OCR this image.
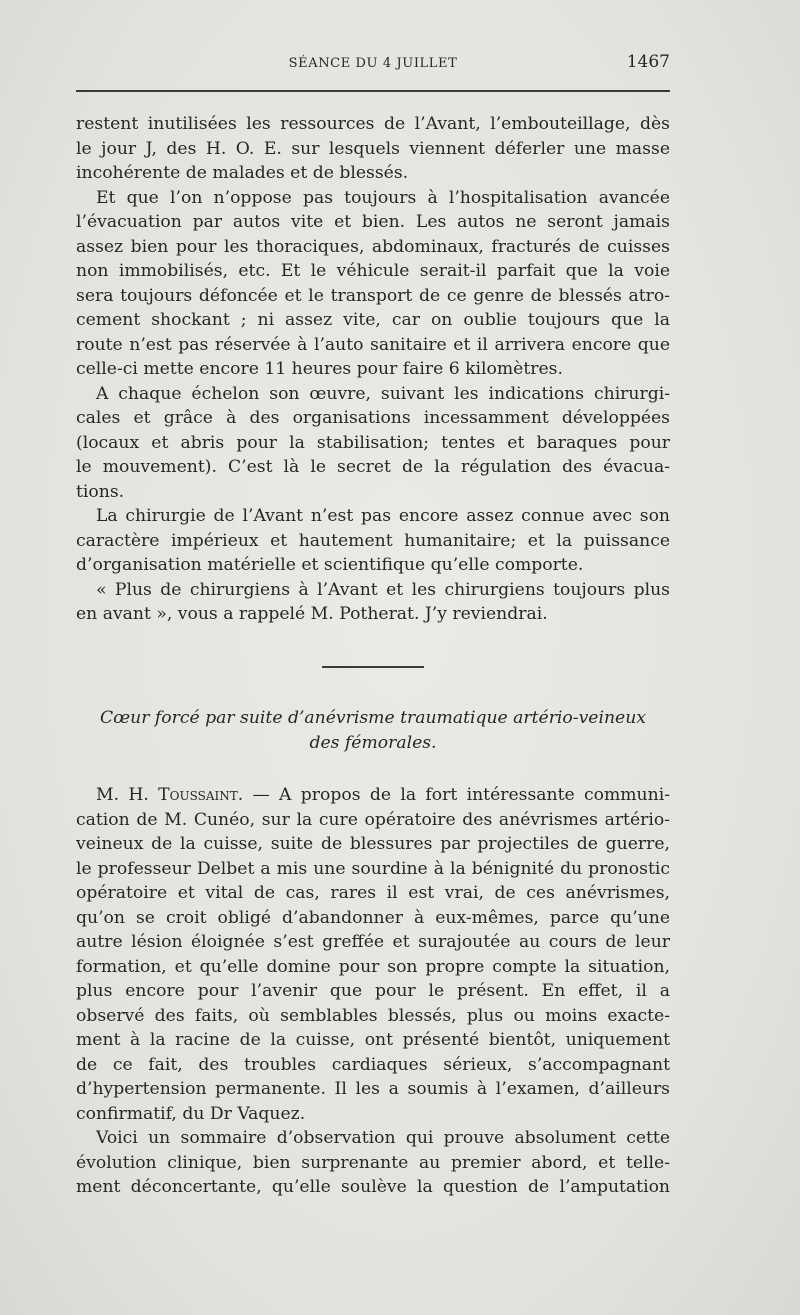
SÉANCE DU 4 JUILLET	1467
restent inutilisées les ressources de l’Avant, l’embouteillage, dès
le jour J, des H. O. E. sur lesquels viennent déferler une masse
incohérente de malades et de blessés.
Et que l’on n’oppose pas toujours à l’hospitalisation avancée
l’évacuation par autos vite et bien. Les autos ne seront jamais
assez bien pour les thoraciques, abdominaux, fracturés de cuisses
non immobilisés, etc. Et le véhicule serait-il parfait que la voie
sera toujours défoncée et le transport de ce genre de blessés atro-
cement shockant ; ni assez vite, car on oublie toujours que la
route n’est pas réservée à l’auto sanitaire et il arrivera encore que
celle-ci mette encore 11 heures pour faire 6 kilomètres.
A chaque échelon son œuvre, suivant les indications chirurgi-
cales et grâce à des organisations incessamment développées
(locaux et abris pour la stabilisation; tentes et baraques pour
le mouvement). C’est là le secret de la régulation des évacua-
tions.
La chirurgie de l’Avant n’est pas encore assez connue avec son
caractère impérieux et hautement humanitaire; et la puissance
d’organisation matérielle et scientifique qu’elle comporte.
« Plus de chirurgiens à l’Avant et les chirurgiens toujours plus
en avant », vous a rappelé M. Potherat. J’y reviendrai.
Cœur forcé par suite d’anévrisme traumatique artério-veineux
des fémorales.
M. H. Toussaint. — A propos de la fort intéressante communi-
cation de M. Cunéo, sur la cure opératoire des anévrismes artério-
veineux de la cuisse, suite de blessures par projectiles de guerre,
le professeur Delbet a mis une sourdine à la bénignité du pronostic
opératoire et vital de cas, rares il est vrai, de ces anévrismes,
qu’on se croit obligé d’abandonner à eux-mêmes, parce qu’une
autre lésion éloignée s’est greffée et surajoutée au cours de leur
formation, et qu’elle domine pour son propre compte la situation,
plus encore pour l’avenir que pour le présent. En effet, il a
observé des faits, où semblables blessés, plus ou moins exacte-
ment à la racine de la cuisse, ont présenté bientôt, uniquement
de ce fait, des troubles cardiaques sérieux, s’accompagnant
d’hypertension permanente. Il les a soumis à l’examen, d’ailleurs
confirmatif, du Dr Vaquez.
Voici un sommaire d’observation qui prouve absolument cette
évolution clinique, bien surprenante au premier abord, et telle-
ment déconcertante, qu’elle soulève la question de l’amputation
